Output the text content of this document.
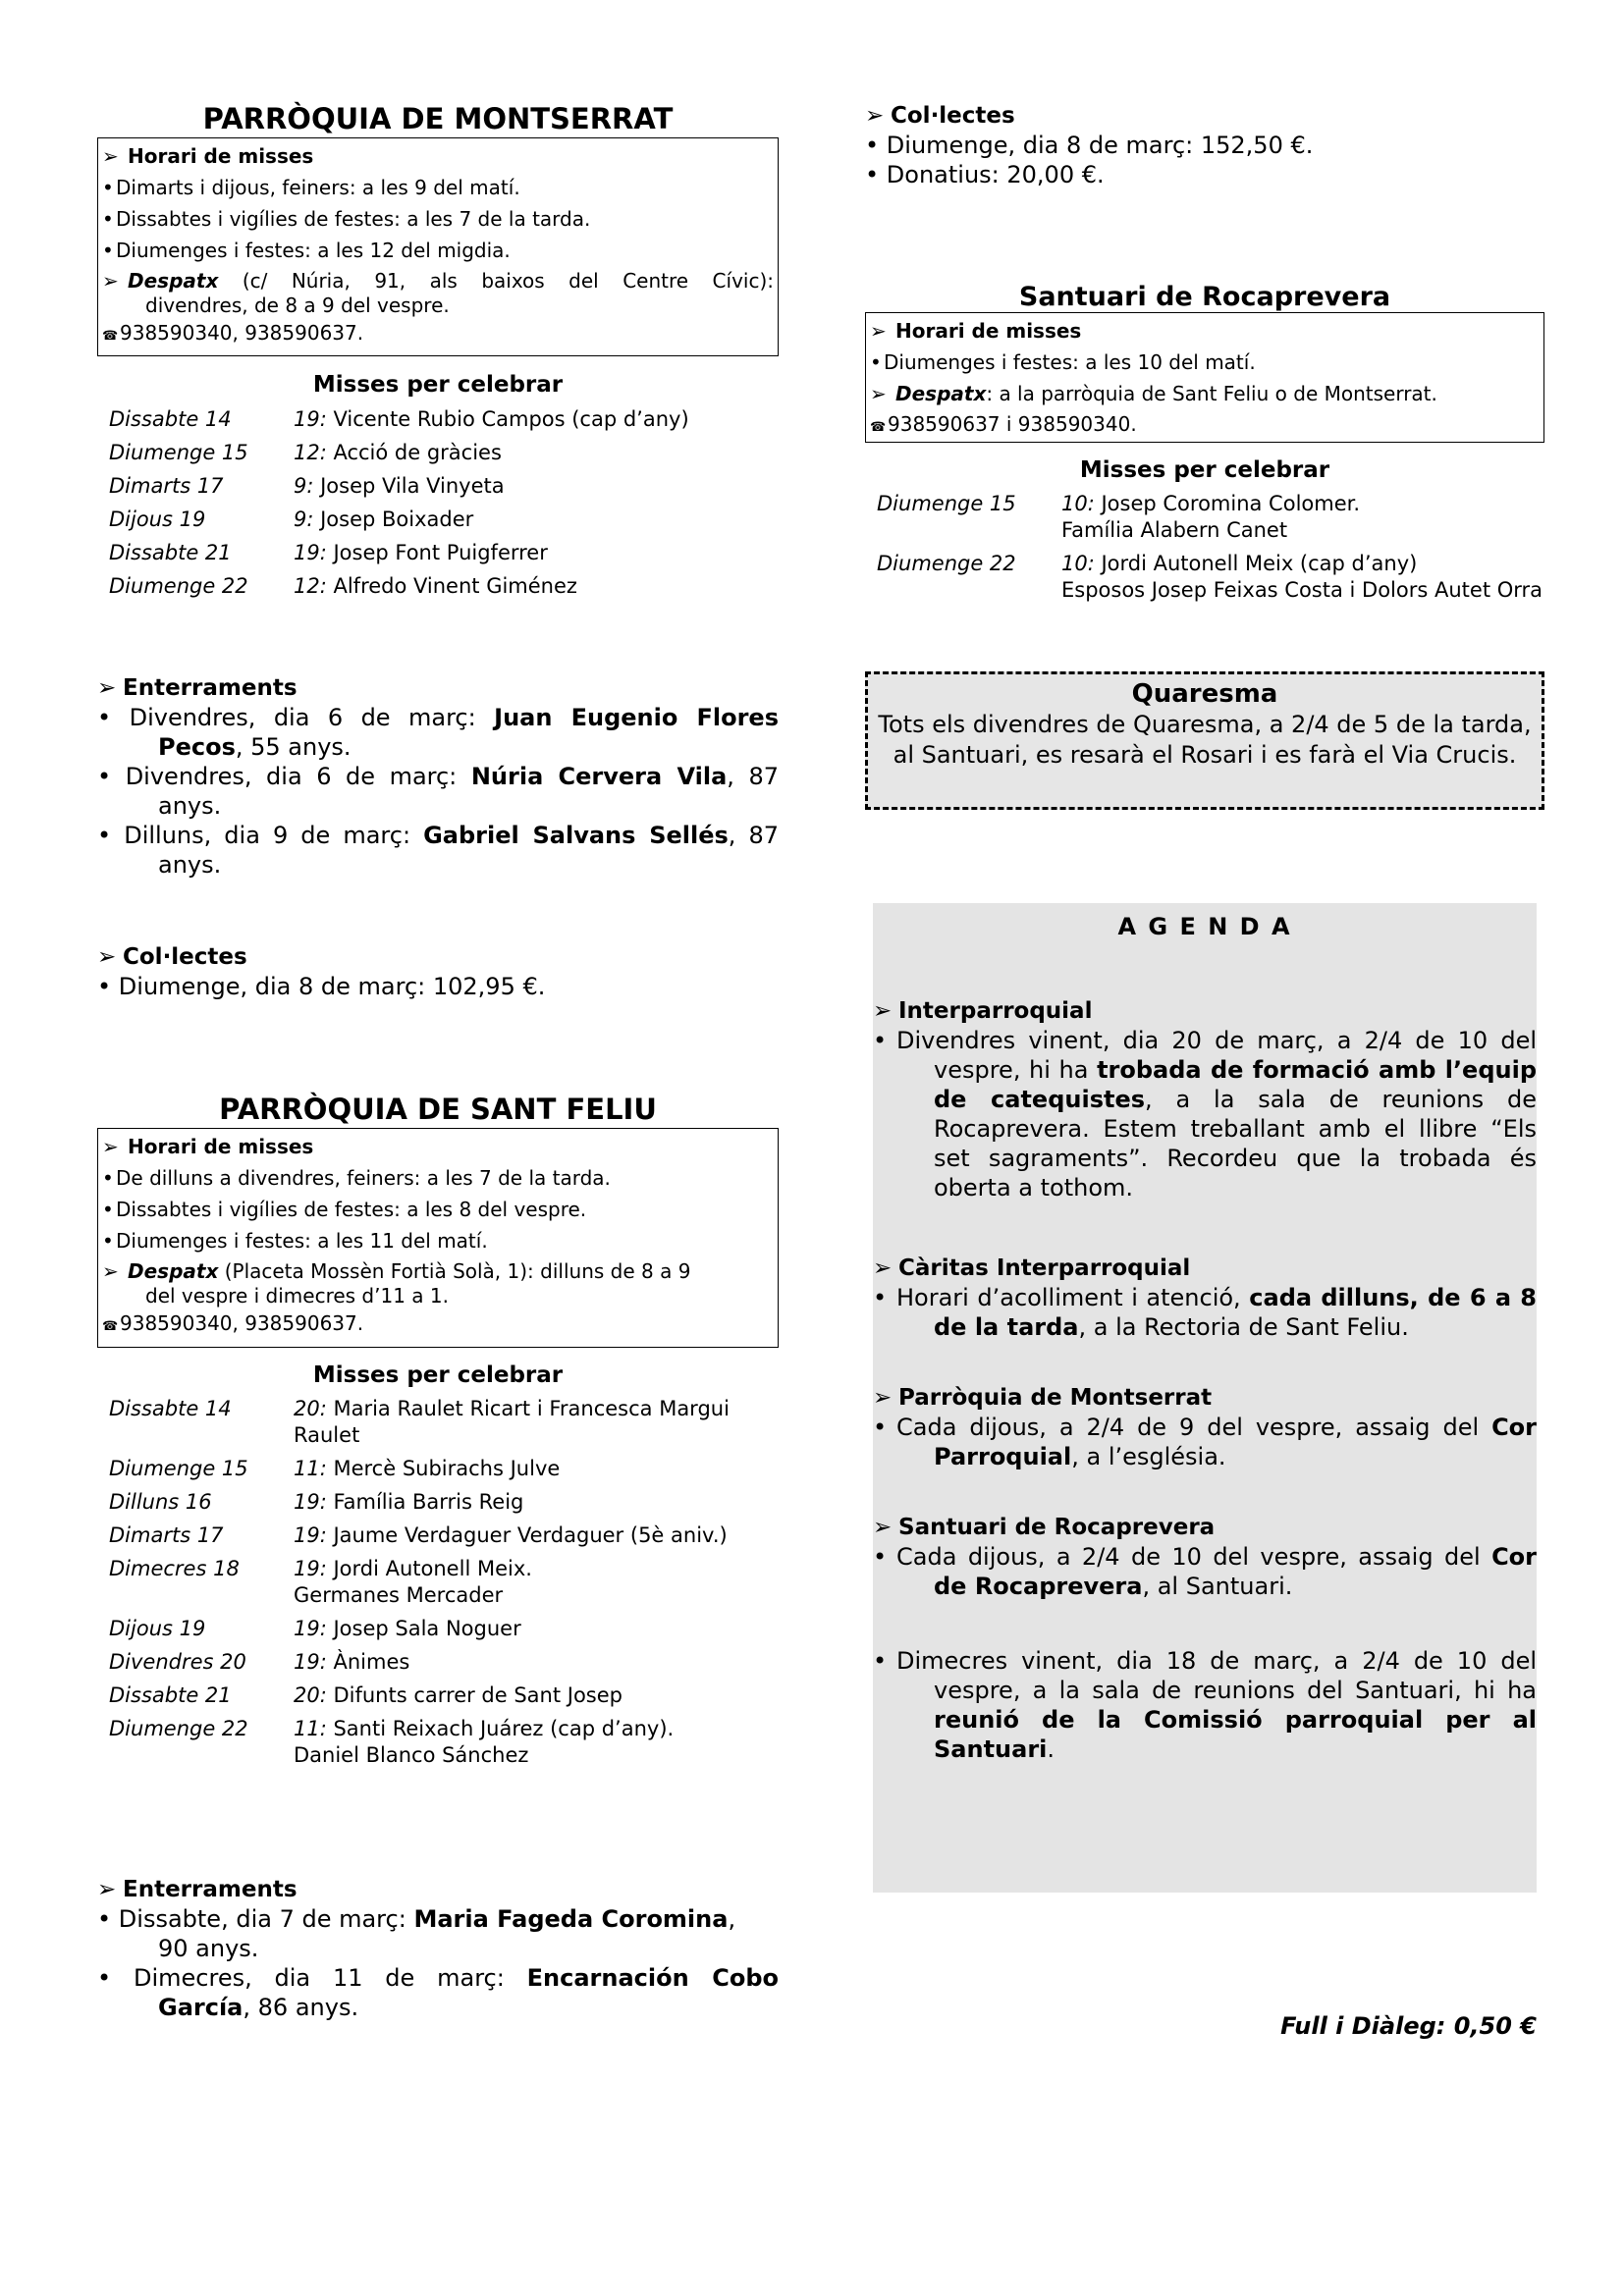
PARRÒQUIA DE MONTSERRAT
➢ Horari de misses
• Dimarts i dijous, feiners: a les 9 del matí.
• Dissabtes i vigílies de festes: a les 7 de la tarda.
• Diumenges i festes: a les 12 del migdia.
➢ Despatx (c/ Núria, 91, als baixos del Centre Cívic):
divendres, de 8 a 9 del vespre.
☎938590340, 938590637.
Misses per celebrar
Dissabte 14	19: Vicente Rubio Campos (cap d’any)
Diumenge 15	12: Acció de gràcies
Dimarts 17	9: Josep Vila Vinyeta
Dijous 19	9: Josep Boixader
Dissabte 21	19: Josep Font Puigferrer
Diumenge 22	12: Alfredo Vinent Giménez
➢ Enterraments
• Divendres, dia 6 de març: Juan Eugenio Flores
Pecos, 55 anys.
• Divendres, dia 6 de març: Núria Cervera Vila, 87
anys.
• Dilluns, dia 9 de març: Gabriel Salvans Sellés, 87
anys.
➢ Col·lectes
• Diumenge, dia 8 de març: 102,95 €.
PARRÒQUIA DE SANT FELIU
➢ Horari de misses
• De dilluns a divendres, feiners: a les 7 de la tarda.
• Dissabtes i vigílies de festes: a les 8 del vespre.
• Diumenges i festes: a les 11 del matí.
➢ Despatx (Placeta Mossèn Fortià Solà, 1): dilluns de 8 a 9
del vespre i dimecres d’11 a 1.
☎938590340, 938590637.
Misses per celebrar
Dissabte 14	20: Maria Raulet Ricart i Francesca Margui Raulet
Diumenge 15	11: Mercè Subirachs Julve
Dilluns 16	19: Família Barris Reig
Dimarts 17	19: Jaume Verdaguer Verdaguer (5è aniv.)
Dimecres 18	19: Jordi Autonell Meix.
Germanes Mercader
Dijous 19	19: Josep Sala Noguer
Divendres 20	19: Ànimes
Dissabte 21	20: Difunts carrer de Sant Josep
Diumenge 22	11: Santi Reixach Juárez (cap d’any).
Daniel Blanco Sánchez
➢ Enterraments
• Dissabte, dia 7 de març: Maria Fageda Coromina,
90 anys.
• Dimecres, dia 11 de març: Encarnación Cobo
García, 86 anys.
➢ Col·lectes
• Diumenge, dia 8 de març: 152,50 €.
• Donatius: 20,00 €.
Santuari de Rocaprevera
➢ Horari de misses
• Diumenges i festes: a les 10 del matí.
➢ Despatx: a la parròquia de Sant Feliu o de Montserrat.
☎938590637 i 938590340.
Misses per celebrar
Diumenge 15	10: Josep Coromina Colomer.
Família Alabern Canet
Diumenge 22	10: Jordi Autonell Meix (cap d’any)
Esposos Josep Feixas Costa i Dolors Autet Orra
Quaresma
Tots els divendres de Quaresma, a 2/4 de 5 de la tarda, al Santuari, es resarà el Rosari i es farà el Via Crucis.
A G E N D A
➢ Interparroquial
• Divendres vinent, dia 20 de març, a 2/4 de 10 del vespre, hi ha trobada de formació amb l’equip de catequistes, a la sala de reunions de Rocaprevera. Estem treballant amb el llibre “Els set sagraments”. Recordeu que la trobada és oberta a tothom.
➢ Càritas Interparroquial
• Horari d’acolliment i atenció, cada dilluns, de 6 a 8 de la tarda, a la Rectoria de Sant Feliu.
➢ Parròquia de Montserrat
• Cada dijous, a 2/4 de 9 del vespre, assaig del Cor Parroquial, a l’església.
➢ Santuari de Rocaprevera
• Cada dijous, a 2/4 de 10 del vespre, assaig del Cor de Rocaprevera, al Santuari.
• Dimecres vinent, dia 18 de març, a 2/4 de 10 del vespre, a la sala de reunions del Santuari, hi ha reunió de la Comissió parroquial per al Santuari.
Full i Diàleg: 0,50 €
